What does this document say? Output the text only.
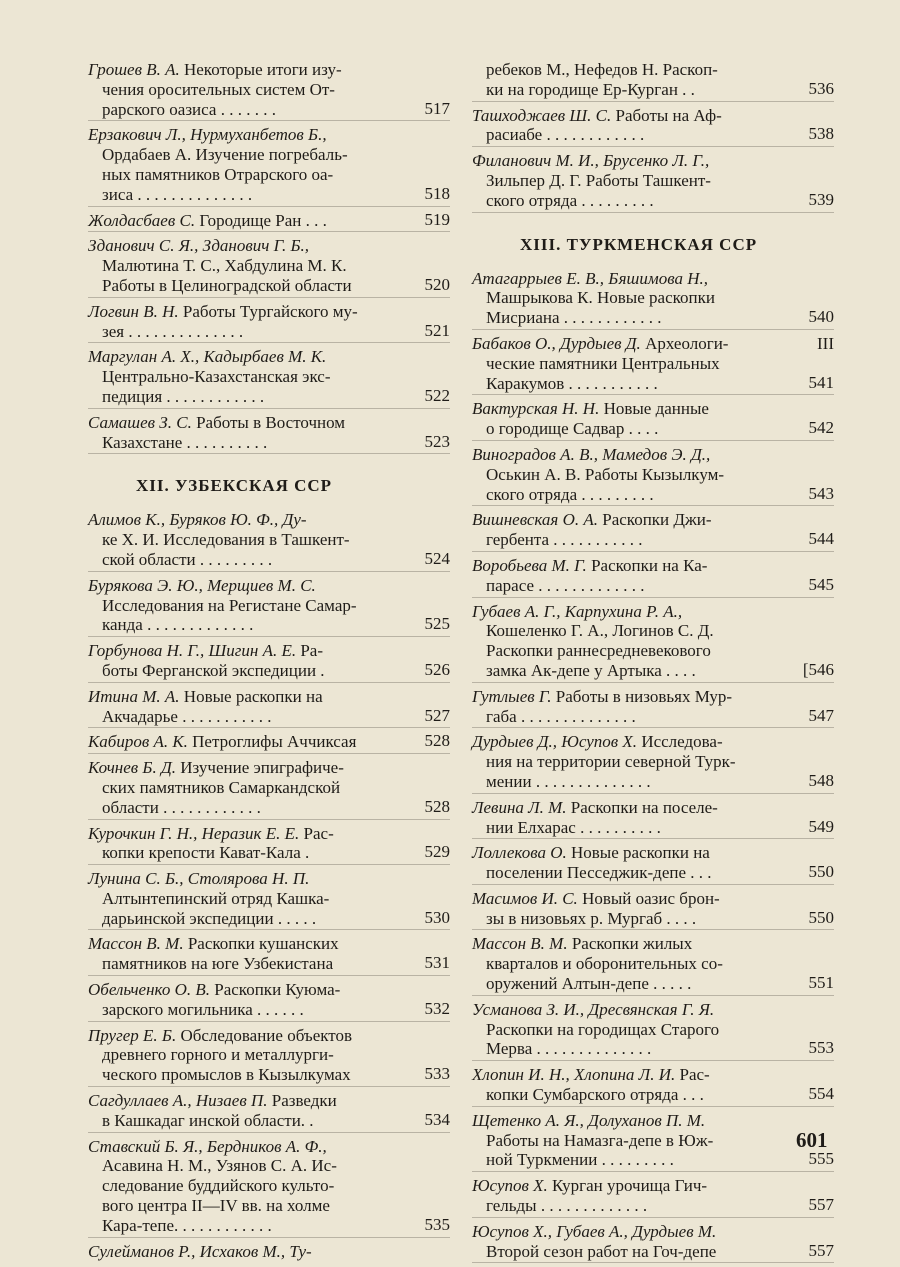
Грошев В. А. Некоторые итоги изу-
чения оросительных систем От-
рарского оазиса . . . . . . .	517
Ерзакович Л., Нурмуханбетов Б.,
Ордабаев А. Изучение погребаль-
ных памятников Отрарского оа-
зиса . . . . . . . . . . . . . .	518
Жолдасбаев С. Городище Ран . . .	519
Зданович С. Я., Зданович Г. Б.,
Малютина Т. С., Хабдулина М. К.
Работы в Целиноградской области	520
Логвин В. Н. Работы Тургайского му-
зея . . . . . . . . . . . . . .	521
Маргулан А. Х., Кадырбаев М. К.
Центрально-Казахстанская экс-
педиция . . . . . . . . . . . .	522
Самашев З. С. Работы в Восточном
Казахстане . . . . . . . . . .	523
XII. УЗБЕКСКАЯ ССР
Алимов К., Буряков Ю. Ф., Ду-
ке Х. И. Исследования в Ташкент-
ской области . . . . . . . . .	524
Бурякова Э. Ю., Мерщиев М. С.
Исследования на Регистане Самар-
канда . . . . . . . . . . . . .	525
Горбунова Н. Г., Шигин А. Е. Ра-
боты Ферганской экспедиции .	526
Итина М. А. Новые раскопки на
Акчадарье . . . . . . . . . . .	527
Кабиров А. К. Петроглифы Аччиксая	528
Кочнев Б. Д. Изучение эпиграфиче-
ских памятников Самаркандской
области . . . . . . . . . . . .	528
Курочкин Г. Н., Неразик Е. Е. Рас-
копки крепости Кават-Кала .	529
Лунина С. Б., Столярова Н. П.
Алтынтепинский отряд Кашка-
дарьинской экспедиции . . . . .	530
Массон В. М. Раскопки кушанских
памятников на юге Узбекистана	531
Обельченко О. В. Раскопки Куюма-
зарского могильника . . . . . .	532
Пругер Е. Б. Обследование объектов
древнего горного и металлурги-
ческого промыслов в Кызылкумах	533
Сагдуллаев А., Низаев П. Разведки
в Кашкадаг инской области. .	534
Ставский Б. Я., Бердников А. Ф.,
Асавина Н. М., Узянов С. А. Ис-
следование буддийского культо-
вого центра II—IV вв. на холме
Кара-тепе. . . . . . . . . . . .	535
Сулейманов Р., Исхаков М., Ту-
ребеков М., Нефедов Н. Раскоп-
ки на городище Ер-Курган . .	536
Ташходжаев Ш. С. Работы на Аф-
расиабе . . . . . . . . . . . .	538
Филанович М. И., Брусенко Л. Г.,
Зильпер Д. Г. Работы Ташкент-
ского отряда . . . . . . . . .	539
XIII. ТУРКМЕНСКАЯ ССР
Атагаррыев Е. В., Бяшимова Н.,
Машрыкова К. Новые раскопки
Мисриана . . . . . . . . . . . .	540
Бабаков О., Дурдыев Д. Археологи-
ческие памятники Центральных
Каракумов . . . . . . . . . . .	541
III
Вактурская Н. Н. Новые данные
о городище Садвар . . . .	542
Виноградов А. В., Мамедов Э. Д.,
Оськин А. В. Работы Кызылкум-
ского отряда . . . . . . . . .	543
Вишневская О. А. Раскопки Джи-
гербента . . . . . . . . . . .	544
Воробьева М. Г. Раскопки на Ка-
парасе . . . . . . . . . . . . .	545
Губаев А. Г., Карпухина Р. А.,
Кошеленко Г. А., Логинов С. Д.
Раскопки раннесредневекового
замка Ак-депе у Артыка . . . .	[546
Гутлыев Г. Работы в низовьях Мур-
габа . . . . . . . . . . . . . .	547
Дурдыев Д., Юсупов Х. Исследова-
ния на территории северной Турк-
мении . . . . . . . . . . . . . .	548
Левина Л. М. Раскопки на поселе-
нии Елхарас . . . . . . . . . .	549
Лоллекова О. Новые раскопки на
поселении Песседжик-депе . . .	550
Масимов И. С. Новый оазис брон-
зы в низовьях р. Мургаб . . . .	550
Массон В. М. Раскопки жилых
кварталов и оборонительных со-
оружений Алтын-депе . . . . .	551
Усманова З. И., Дресвянская Г. Я.
Раскопки на городищах Старого
Мерва . . . . . . . . . . . . . .	553
Хлопин И. Н., Хлопина Л. И. Рас-
копки Сумбарского отряда . . .	554
Щетенко А. Я., Долуханов П. М.
Работы на Намазга-депе в Юж-
ной Туркмении . . . . . . . . .	555
Юсупов Х. Курган урочища Гич-
гельды . . . . . . . . . . . . .	557
Юсупов Х., Губаев А., Дурдыев М.
Второй сезон работ на Гоч-депе	557
601
